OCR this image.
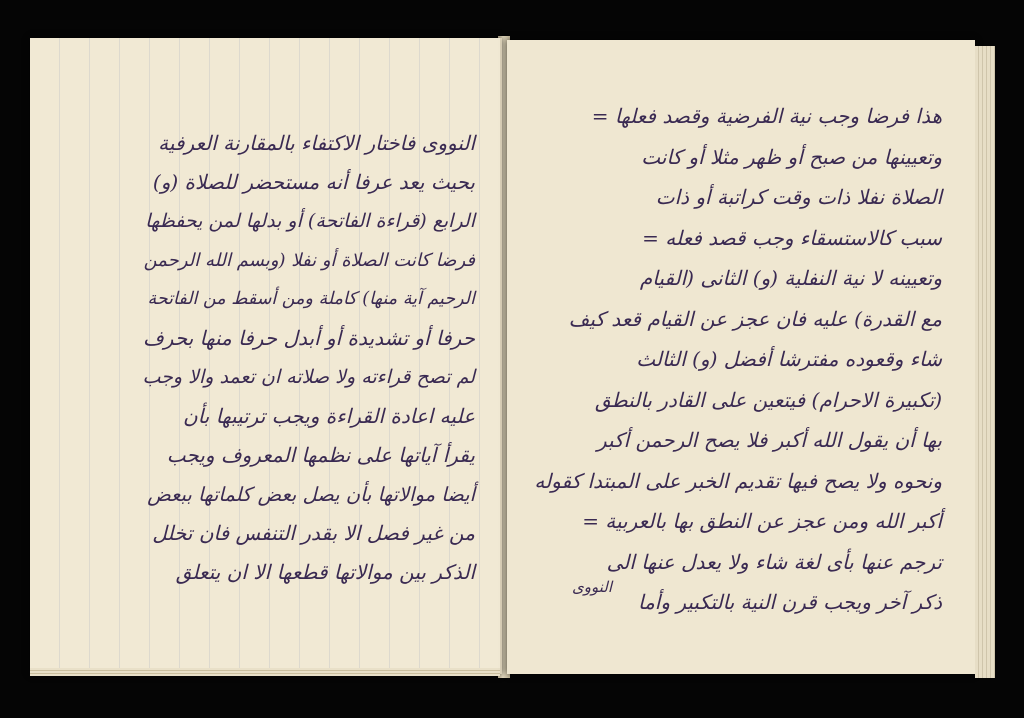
النووى فاختار الاكتفاء بالمقارنة العرفية
بحيث يعد عرفا أنه مستحضر للصلاة (و)
الرابع (قراءة الفاتحة) أو بدلها لمن يحفظها
فرضا كانت الصلاة أو نفلا (وبسم الله الرحمن
الرحيم آية منها) كاملة ومن أسقط من الفاتحة
حرفا أو تشديدة أو أبدل حرفا منها بحرف
لم تصح قراءته ولا صلاته ان تعمد والا وجب
عليه اعادة القراءة ويجب ترتيبها بأن
يقرأ آياتها على نظمها المعروف ويجب
أيضا موالاتها بأن يصل بعض كلماتها ببعض
من غير فصل الا بقدر التنفس فان تخلل
الذكر بين موالاتها قطعها الا ان يتعلق
هذا فرضا وجب نية الفرضية وقصد فعلها =
وتعيينها من صبح أو ظهر مثلا أو كانت
الصلاة نفلا ذات وقت كراتبة أو ذات
سبب كالاستسقاء وجب قصد فعله =
وتعيينه لا نية النفلية (و) الثانى (القيام
مع القدرة) عليه فان عجز عن القيام قعد كيف
شاء وقعوده مفترشا أفضل (و) الثالث
(تكبيرة الاحرام) فيتعين على القادر بالنطق
بها أن يقول الله أكبر فلا يصح الرحمن أكبر
ونحوه ولا يصح فيها تقديم الخبر على المبتدا كقوله
أكبر الله ومن عجز عن النطق بها بالعربية =
ترجم عنها بأى لغة شاء ولا يعدل عنها الى
ذكر آخر ويجب قرن النية بالتكبير وأما
النووى
